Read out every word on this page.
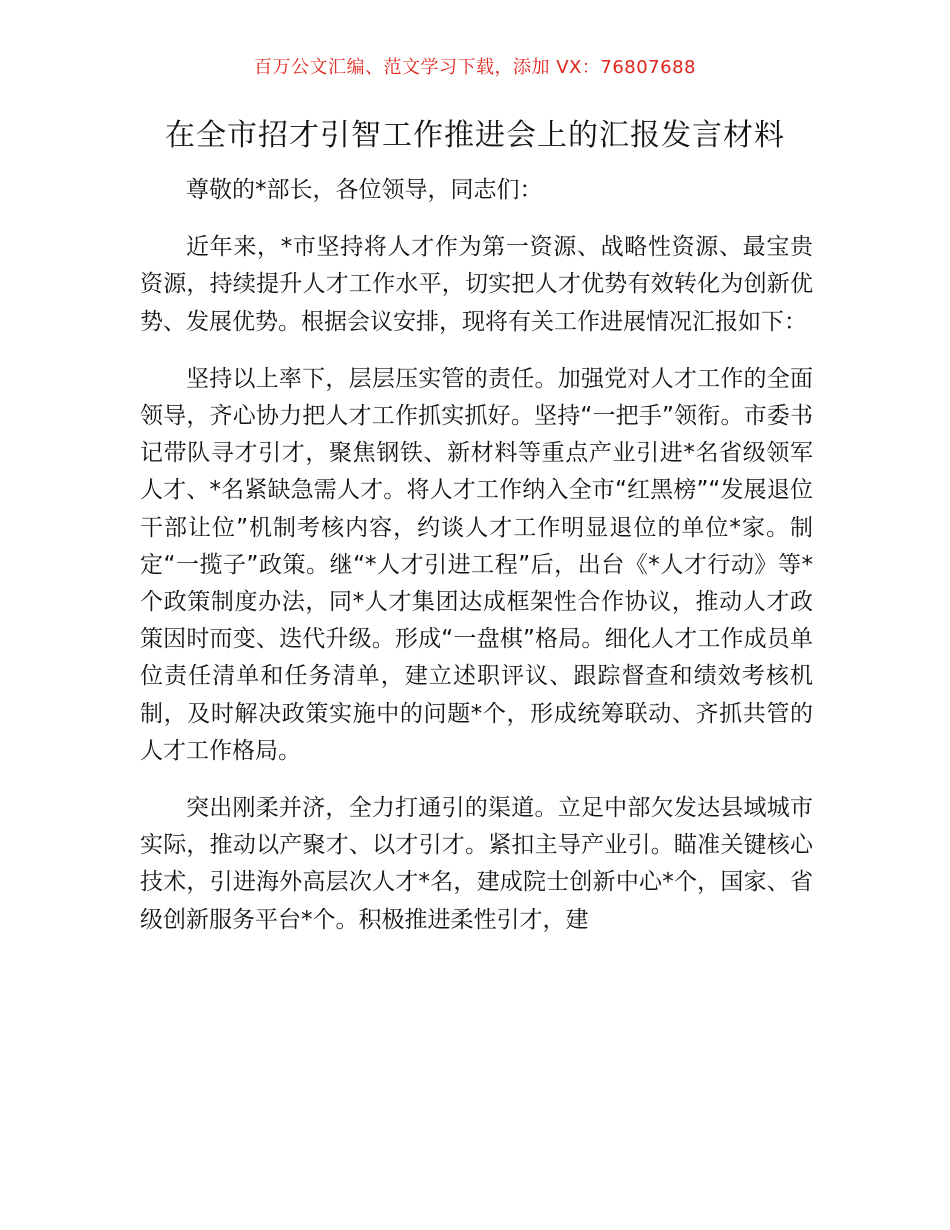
百万公文汇编、范文学习下载，添加 VX：76807688
在全市招才引智工作推进会上的汇报发言材料

尊敬的*部长，各位领导，同志们：

近年来，*市坚持将人才作为第一资源、战略性资源、最宝贵资源，持续提升人才工作水平，切实把人才优势有效转化为创新优势、发展优势。根据会议安排，现将有关工作进展情况汇报如下：

坚持以上率下，层层压实管的责任。加强党对人才工作的全面领导，齐心协力把人才工作抓实抓好。坚持“一把手”领衔。市委书记带队寻才引才，聚焦钢铁、新材料等重点产业引进*名省级领军人才、*名紧缺急需人才。将人才工作纳入全市“红黑榜”“发展退位干部让位”机制考核内容，约谈人才工作明显退位的单位*家。制定“一揽子”政策。继“*人才引进工程”后，出台《*人才行动》等*个政策制度办法，同*人才集团达成框架性合作协议，推动人才政策因时而变、迭代升级。形成“一盘棋”格局。细化人才工作成员单位责任清单和任务清单，建立述职评议、跟踪督查和绩效考核机制，及时解决政策实施中的问题*个，形成统筹联动、齐抓共管的人才工作格局。

突出刚柔并济，全力打通引的渠道。立足中部欠发达县域城市实际，推动以产聚才、以才引才。紧扣主导产业引。瞄准关键核心技术，引进海外高层次人才*名，建成院士创新中心*个，国家、省级创新服务平台*个。积极推进柔性引才，建
